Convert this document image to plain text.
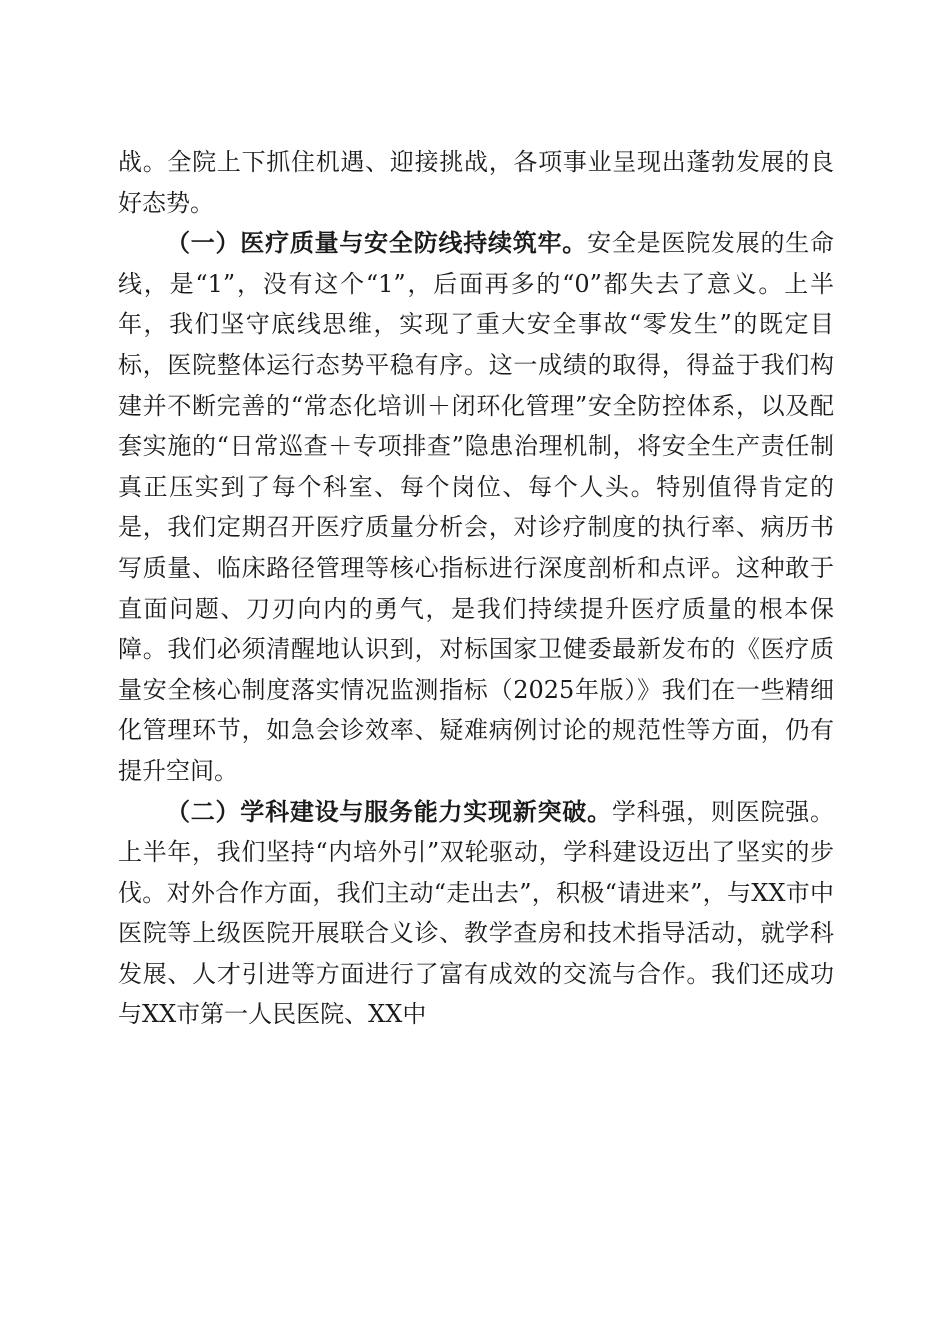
战。全院上下抓住机遇、迎接挑战，各项事业呈现出蓬勃发展的良好态势。

（一）医疗质量与安全防线持续筑牢。安全是医院发展的生命线，是“1”，没有这个“1”，后面再多的“0”都失去了意义。上半年，我们坚守底线思维，实现了重大安全事故“零发生”的既定目标，医院整体运行态势平稳有序。这一成绩的取得，得益于我们构建并不断完善的“常态化培训＋闭环化管理”安全防控体系，以及配套实施的“日常巡查＋专项排查”隐患治理机制，将安全生产责任制真正压实到了每个科室、每个岗位、每个人头。特别值得肯定的是，我们定期召开医疗质量分析会，对诊疗制度的执行率、病历书写质量、临床路径管理等核心指标进行深度剖析和点评。这种敢于直面问题、刀刃向内的勇气，是我们持续提升医疗质量的根本保障。我们必须清醒地认识到，对标国家卫健委最新发布的《医疗质量安全核心制度落实情况监测指标（2025年版）》我们在一些精细化管理环节，如急会诊效率、疑难病例讨论的规范性等方面，仍有提升空间。

（二）学科建设与服务能力实现新突破。学科强，则医院强。上半年，我们坚持“内培外引”双轮驱动，学科建设迈出了坚实的步伐。对外合作方面，我们主动“走出去”，积极“请进来”，与XX市中医院等上级医院开展联合义诊、教学查房和技术指导活动，就学科发展、人才引进等方面进行了富有成效的交流与合作。我们还成功与XX市第一人民医院、XX中
